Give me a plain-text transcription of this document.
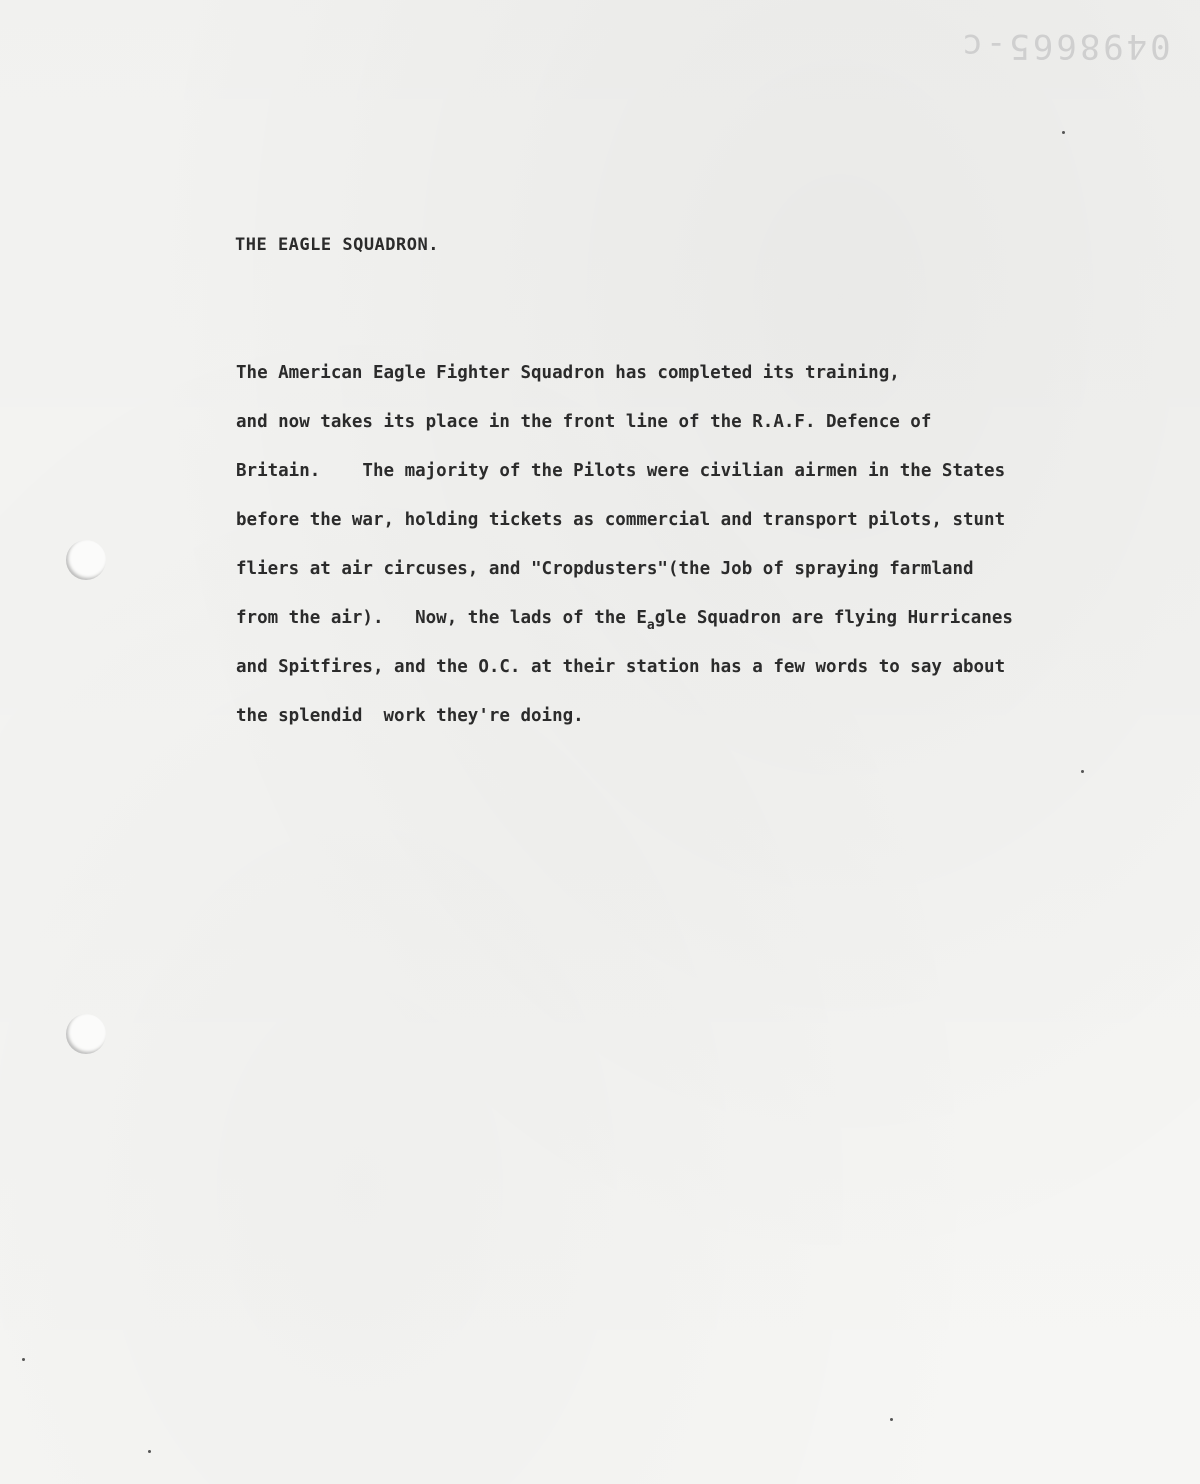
0498665-c
THE EAGLE SQUADRON.
The American Eagle Fighter Squadron has completed its training,
and now takes its place in the front line of the R.A.F. Defence of
Britain.    The majority of the Pilots were civilian airmen in the States
before the war, holding tickets as commercial and transport pilots, stunt
fliers at air circuses, and "Cropdusters"(the Job of spraying farmland
from the air).   Now, the lads of the $E_agle$ Squadron are flying Hurricanes
and Spitfires, and the O.C. at their station has a few words to say about
the splendid  work they're doing.
